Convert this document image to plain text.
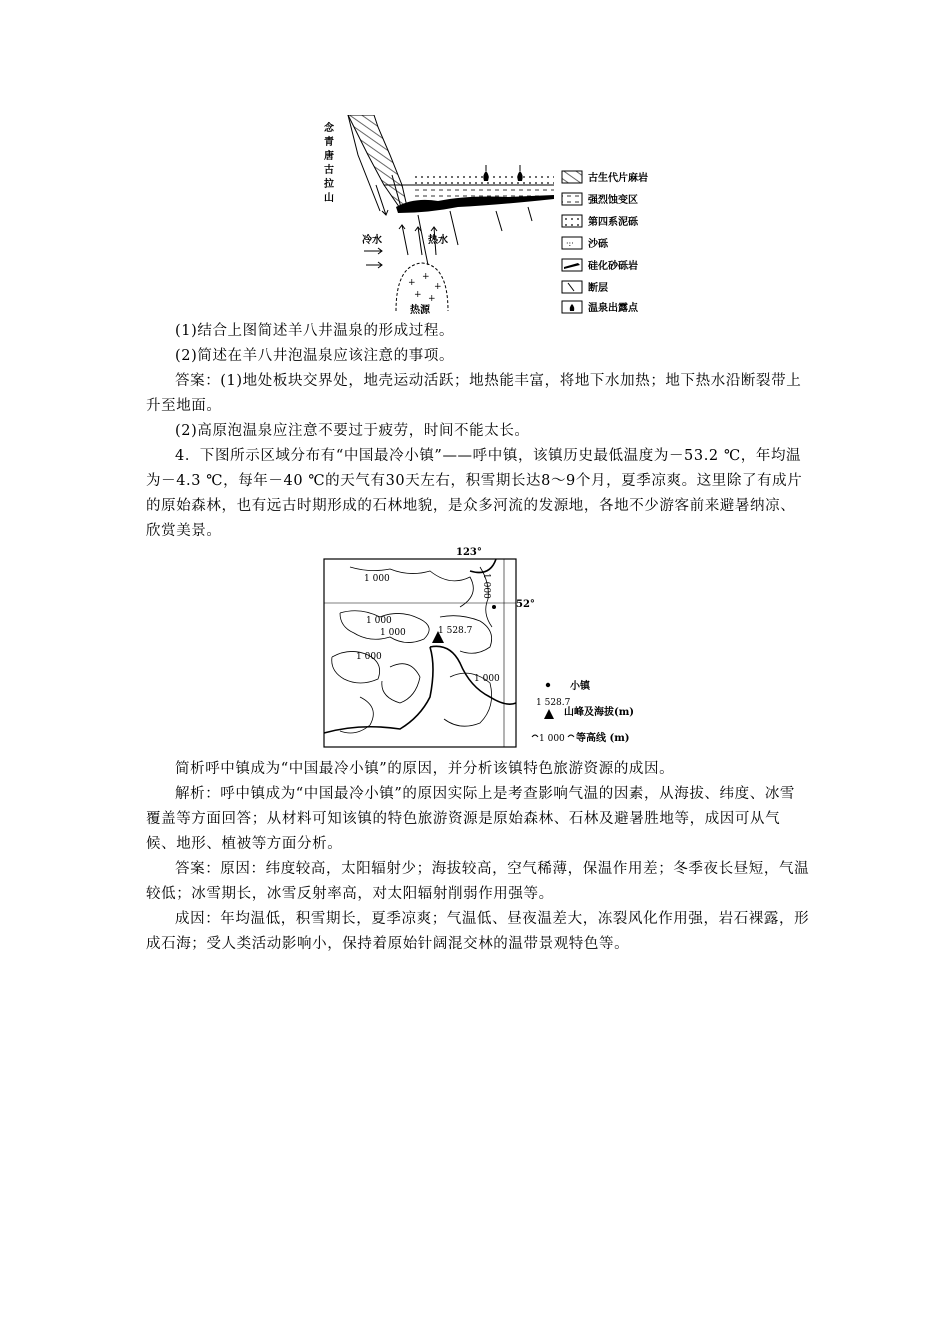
念
青
唐
古
拉
山
+
+
+
+ +
冷水	热水
热源
古生代片麻岩
强烈蚀变区
第四系泥砾
·:· 沙砾
硅化砂砾岩
断层
温泉出露点

(1)结合上图简述羊八井温泉的形成过程。

(2)简述在羊八井泡温泉应该注意的事项。

答案：(1)地处板块交界处，地壳运动活跃；地热能丰富，将地下水加热；地下热水沿断裂带上升至地面。

(2)高原泡温泉应注意不要过于疲劳，时间不能太长。

4．下图所示区域分布有“中国最冷小镇”——呼中镇，该镇历史最低温度为－53.2 ℃，年均温为－4.3 ℃，每年－40 ℃的天气有30天左右，积雪期长达8～9个月，夏季凉爽。这里除了有成片的原始森林，也有远古时期形成的石林地貌，是众多河流的发源地，各地不少游客前来避暑纳凉、欣赏美景。

123°
52°
1 000
1 000
1 000
1 000
1 000
1 000
1 528.7
小镇
1 528.7
山峰及海拔(m)
1 000 等高线 (m)

简析呼中镇成为“中国最冷小镇”的原因，并分析该镇特色旅游资源的成因。

解析：呼中镇成为“中国最冷小镇”的原因实际上是考查影响气温的因素，从海拔、纬度、冰雪覆盖等方面回答；从材料可知该镇的特色旅游资源是原始森林、石林及避暑胜地等，成因可从气候、地形、植被等方面分析。

答案：原因：纬度较高，太阳辐射少；海拔较高，空气稀薄，保温作用差；冬季夜长昼短，气温较低；冰雪期长，冰雪反射率高，对太阳辐射削弱作用强等。

成因：年均温低，积雪期长，夏季凉爽；气温低、昼夜温差大，冻裂风化作用强，岩石裸露，形成石海；受人类活动影响小，保持着原始针阔混交林的温带景观特色等。
